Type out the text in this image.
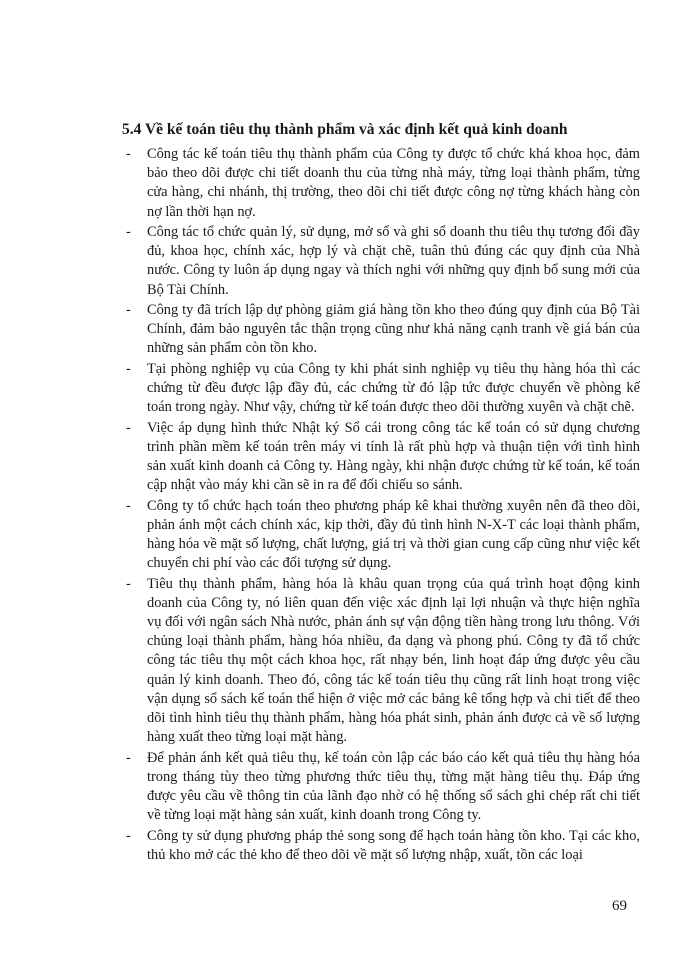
5.4 Về kế toán tiêu thụ thành phẩm và xác định kết quả kinh doanh
- Công tác kế toán tiêu thụ thành phẩm của Công ty được tổ chức khá khoa học, đảm bảo theo dõi được chi tiết doanh thu của từng nhà máy, từng loại thành phẩm, từng cửa hàng, chi nhánh, thị trường, theo dõi chi tiết được công nợ từng khách hàng còn nợ lần thời hạn nợ.
- Công tác tổ chức quản lý, sử dụng, mở sổ và ghi sổ doanh thu tiêu thụ tương đối đầy đủ, khoa học, chính xác, hợp lý và chặt chẽ, tuân thủ đúng các quy định của Nhà nước. Công ty luôn áp dụng ngay và thích nghi với những quy định bổ sung mới của Bộ Tài Chính.
- Công ty đã trích lập dự phòng giảm giá hàng tồn kho theo đúng quy định của Bộ Tài Chính, đảm bảo nguyên tắc thận trọng cũng như khả năng cạnh tranh về giá bán của những sản phẩm còn tồn kho.
- Tại phòng nghiệp vụ của Công ty khi phát sinh nghiệp vụ tiêu thụ hàng hóa thì các chứng từ đều được lập đầy đủ, các chứng từ đó lập tức được chuyển về phòng kế toán trong ngày. Như vậy, chứng từ kế toán được theo dõi thường xuyên và chặt chẽ.
- Việc áp dụng hình thức Nhật ký Sổ cái trong công tác kế toán có sử dụng chương trình phần mềm kế toán trên máy vi tính là rất phù hợp và thuận tiện với tình hình sản xuất kinh doanh cả Công ty. Hàng ngày, khi nhận được chứng từ kế toán, kế toán cập nhật vào máy khi cần sẽ in ra để đối chiếu so sánh.
- Công ty tổ chức hạch toán theo phương pháp kê khai thường xuyên nên đã theo dõi, phản ánh một cách chính xác, kịp thời, đầy đủ tình hình N-X-T các loại thành phẩm, hàng hóa về mặt số lượng, chất lượng, giá trị và thời gian cung cấp cũng như việc kết chuyển chi phí vào các đối tượng sử dụng.
- Tiêu thụ thành phẩm, hàng hóa là khâu quan trọng của quá trình hoạt động kinh doanh của Công ty, nó liên quan đến việc xác định lại lợi nhuận và thực hiện nghĩa vụ đối với ngân sách Nhà nước, phản ánh sự vận động tiền hàng trong lưu thông. Với chủng loại thành phẩm, hàng hóa nhiều, đa dạng và phong phú. Công ty đã tổ chức công tác tiêu thụ một cách khoa học, rất nhạy bén, linh hoạt đáp ứng được yêu cầu quản lý kinh doanh. Theo đó, công tác kế toán tiêu thụ cũng rất linh hoạt trong việc vận dụng sổ sách kế toán thể hiện ở việc mở các bảng kê tổng hợp và chi tiết để theo dõi tình hình tiêu thụ thành phẩm, hàng hóa phát sinh, phản ánh được cả về số lượng hàng xuất theo từng loại mặt hàng.
- Để phản ánh kết quả tiêu thụ, kế toán còn lập các báo cáo kết quả tiêu thụ hàng hóa trong tháng tùy theo từng phương thức tiêu thụ, từng mặt hàng tiêu thụ. Đáp ứng được yêu cầu về thông tin của lãnh đạo nhờ có hệ thống sổ sách ghi chép rất chi tiết về từng loại mặt hàng sản xuất, kinh doanh trong Công ty.
- Công ty sử dụng phương pháp thẻ song song để hạch toán hàng tồn kho. Tại các kho, thủ kho mở các thẻ kho để theo dõi về mặt số lượng nhập, xuất, tồn các loại

69
